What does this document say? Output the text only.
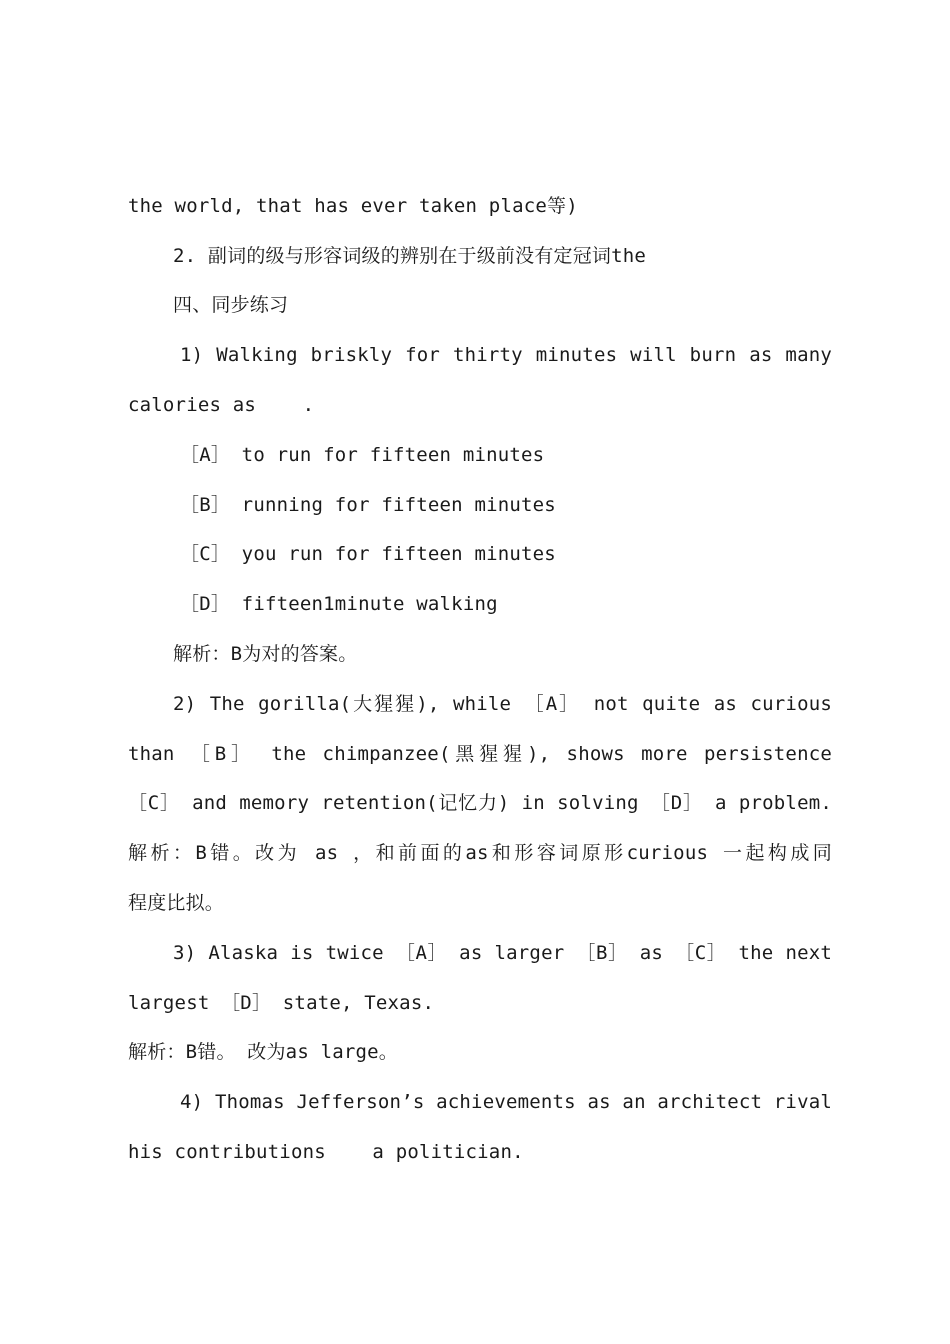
the world, that has ever taken place等)
2. 副词的级与形容词级的辨别在于级前没有定冠词the
四、同步练习
1) Walking briskly for thirty minutes will burn as many
calories as    .
［A］ to run for fifteen minutes
［B］ running for fifteen minutes
［C］ you run for fifteen minutes
［D］ fifteen1minute walking
解析：B为对的答案。
2) The gorilla(大猩猩), while ［A］ not quite as curious
than ［B］ the chimpanzee(黑猩猩), shows more persistence
［C］ and memory retention(记忆力) in solving ［D］ a problem.
解析：B错。改为 as ，和前面的as和形容词原形curious 一起构成同
程度比拟。
3) Alaska is twice ［A］ as larger ［B］ as ［C］ the next
largest ［D］ state, Texas.
解析：B错。 改为as large。
4) Thomas Jefferson’s achievements as an architect rival
his contributions    a politician.
